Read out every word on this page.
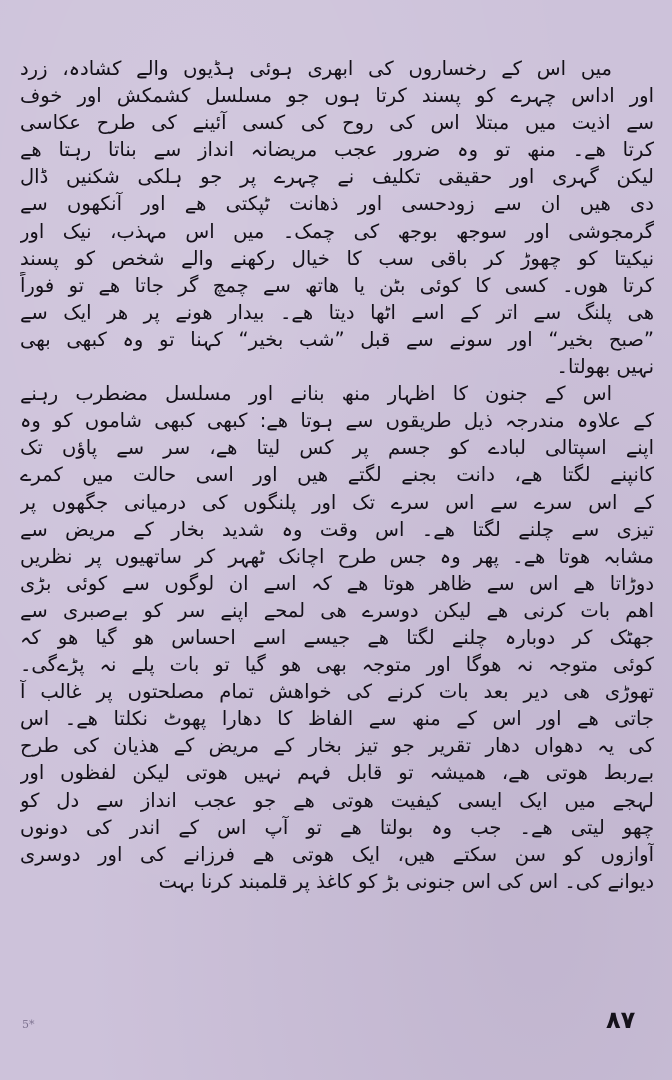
میں اس کے رخساروں کی ابھری ہوئی ہڈیوں والے کشادہ، زرد
اور اداس چہرے کو پسند کرتا ہوں جو مسلسل کشمکش اور خوف
سے اذیت میں مبتلا اس کی روح کی کسی آئینے کی طرح عکاسی
کرتا ھے۔ منھ تو وہ ضرور عجب مریضانہ انداز سے بناتا رہتا ھے
لیکن گہری اور حقیقی تکلیف نے چہرے پر جو ہلکی شکنیں ڈال
دی ھیں ان سے زودحسی اور ذھانت ٹپکتی ھے اور آنکھوں سے
گرمجوشی اور سوجھ بوجھ کی چمک۔ میں اس مہذب، نیک اور
نیکیتا کو چھوڑ کر باقی سب کا خیال رکھنے والے شخص کو پسند
کرتا ھوں۔ کسی کا کوئی بٹن یا ھاتھ سے چمچ گر جاتا ھے تو فوراً
ھی پلنگ سے اتر کے اسے اٹھا دیتا ھے۔ بیدار ھونے پر ھر ایک سے
”صبح بخیر“ اور سونے سے قبل ”شب بخیر“ کہنا تو وہ کبھی بھی
نہیں بھولتا۔
اس کے جنون کا اظہار منھ بنانے اور مسلسل مضطرب رہنے
کے علاوہ مندرجہ ذیل طریقوں سے ہوتا ھے: کبھی کبھی شاموں کو وہ
اپنے اسپتالی لبادے کو جسم پر کس لیتا ھے، سر سے پاؤں تک
کانپنے لگتا ھے، دانت بجنے لگتے ھیں اور اسی حالت میں کمرے
کے اس سرے سے اس سرے تک اور پلنگوں کی درمیانی جگھوں پر
تیزی سے چلنے لگتا ھے۔ اس وقت وہ شدید بخار کے مریض سے
مشابہ ھوتا ھے۔ پھر وہ جس طرح اچانک ٹھہر کر ساتھیوں پر نظریں
دوڑاتا ھے اس سے ظاھر ھوتا ھے کہ اسے ان لوگوں سے کوئی بڑی
اھم بات کرنی ھے لیکن دوسرے ھی لمحے اپنے سر کو بےصبری سے
جھٹک کر دوبارہ چلنے لگتا ھے جیسے اسے احساس ھو گیا ھو کہ
کوئی متوجہ نہ ھوگا اور متوجہ بھی ھو گیا تو بات پلے نہ پڑےگی۔
تھوڑی ھی دیر بعد بات کرنے کی خواھش تمام مصلحتوں پر غالب آ
جاتی ھے اور اس کے منھ سے الفاظ کا دھارا پھوٹ نکلتا ھے۔ اس
کی یہ دھواں دھار تقریر جو تیز بخار کے مریض کے ھذیان کی طرح
بےربط ھوتی ھے، ھمیشہ تو قابل فہم نہیں ھوتی لیکن لفظوں اور
لہجے میں ایک ایسی کیفیت ھوتی ھے جو عجب انداز سے دل کو
چھو لیتی ھے۔ جب وہ بولتا ھے تو آپ اس کے اندر کی دونوں
آوازوں کو سن سکتے ھیں، ایک ھوتی ھے فرزانے کی اور دوسری
دیوانے کی۔ اس کی اس جنونی بڑ کو کاغذ پر قلمبند کرنا بہت
5*	۸۷
